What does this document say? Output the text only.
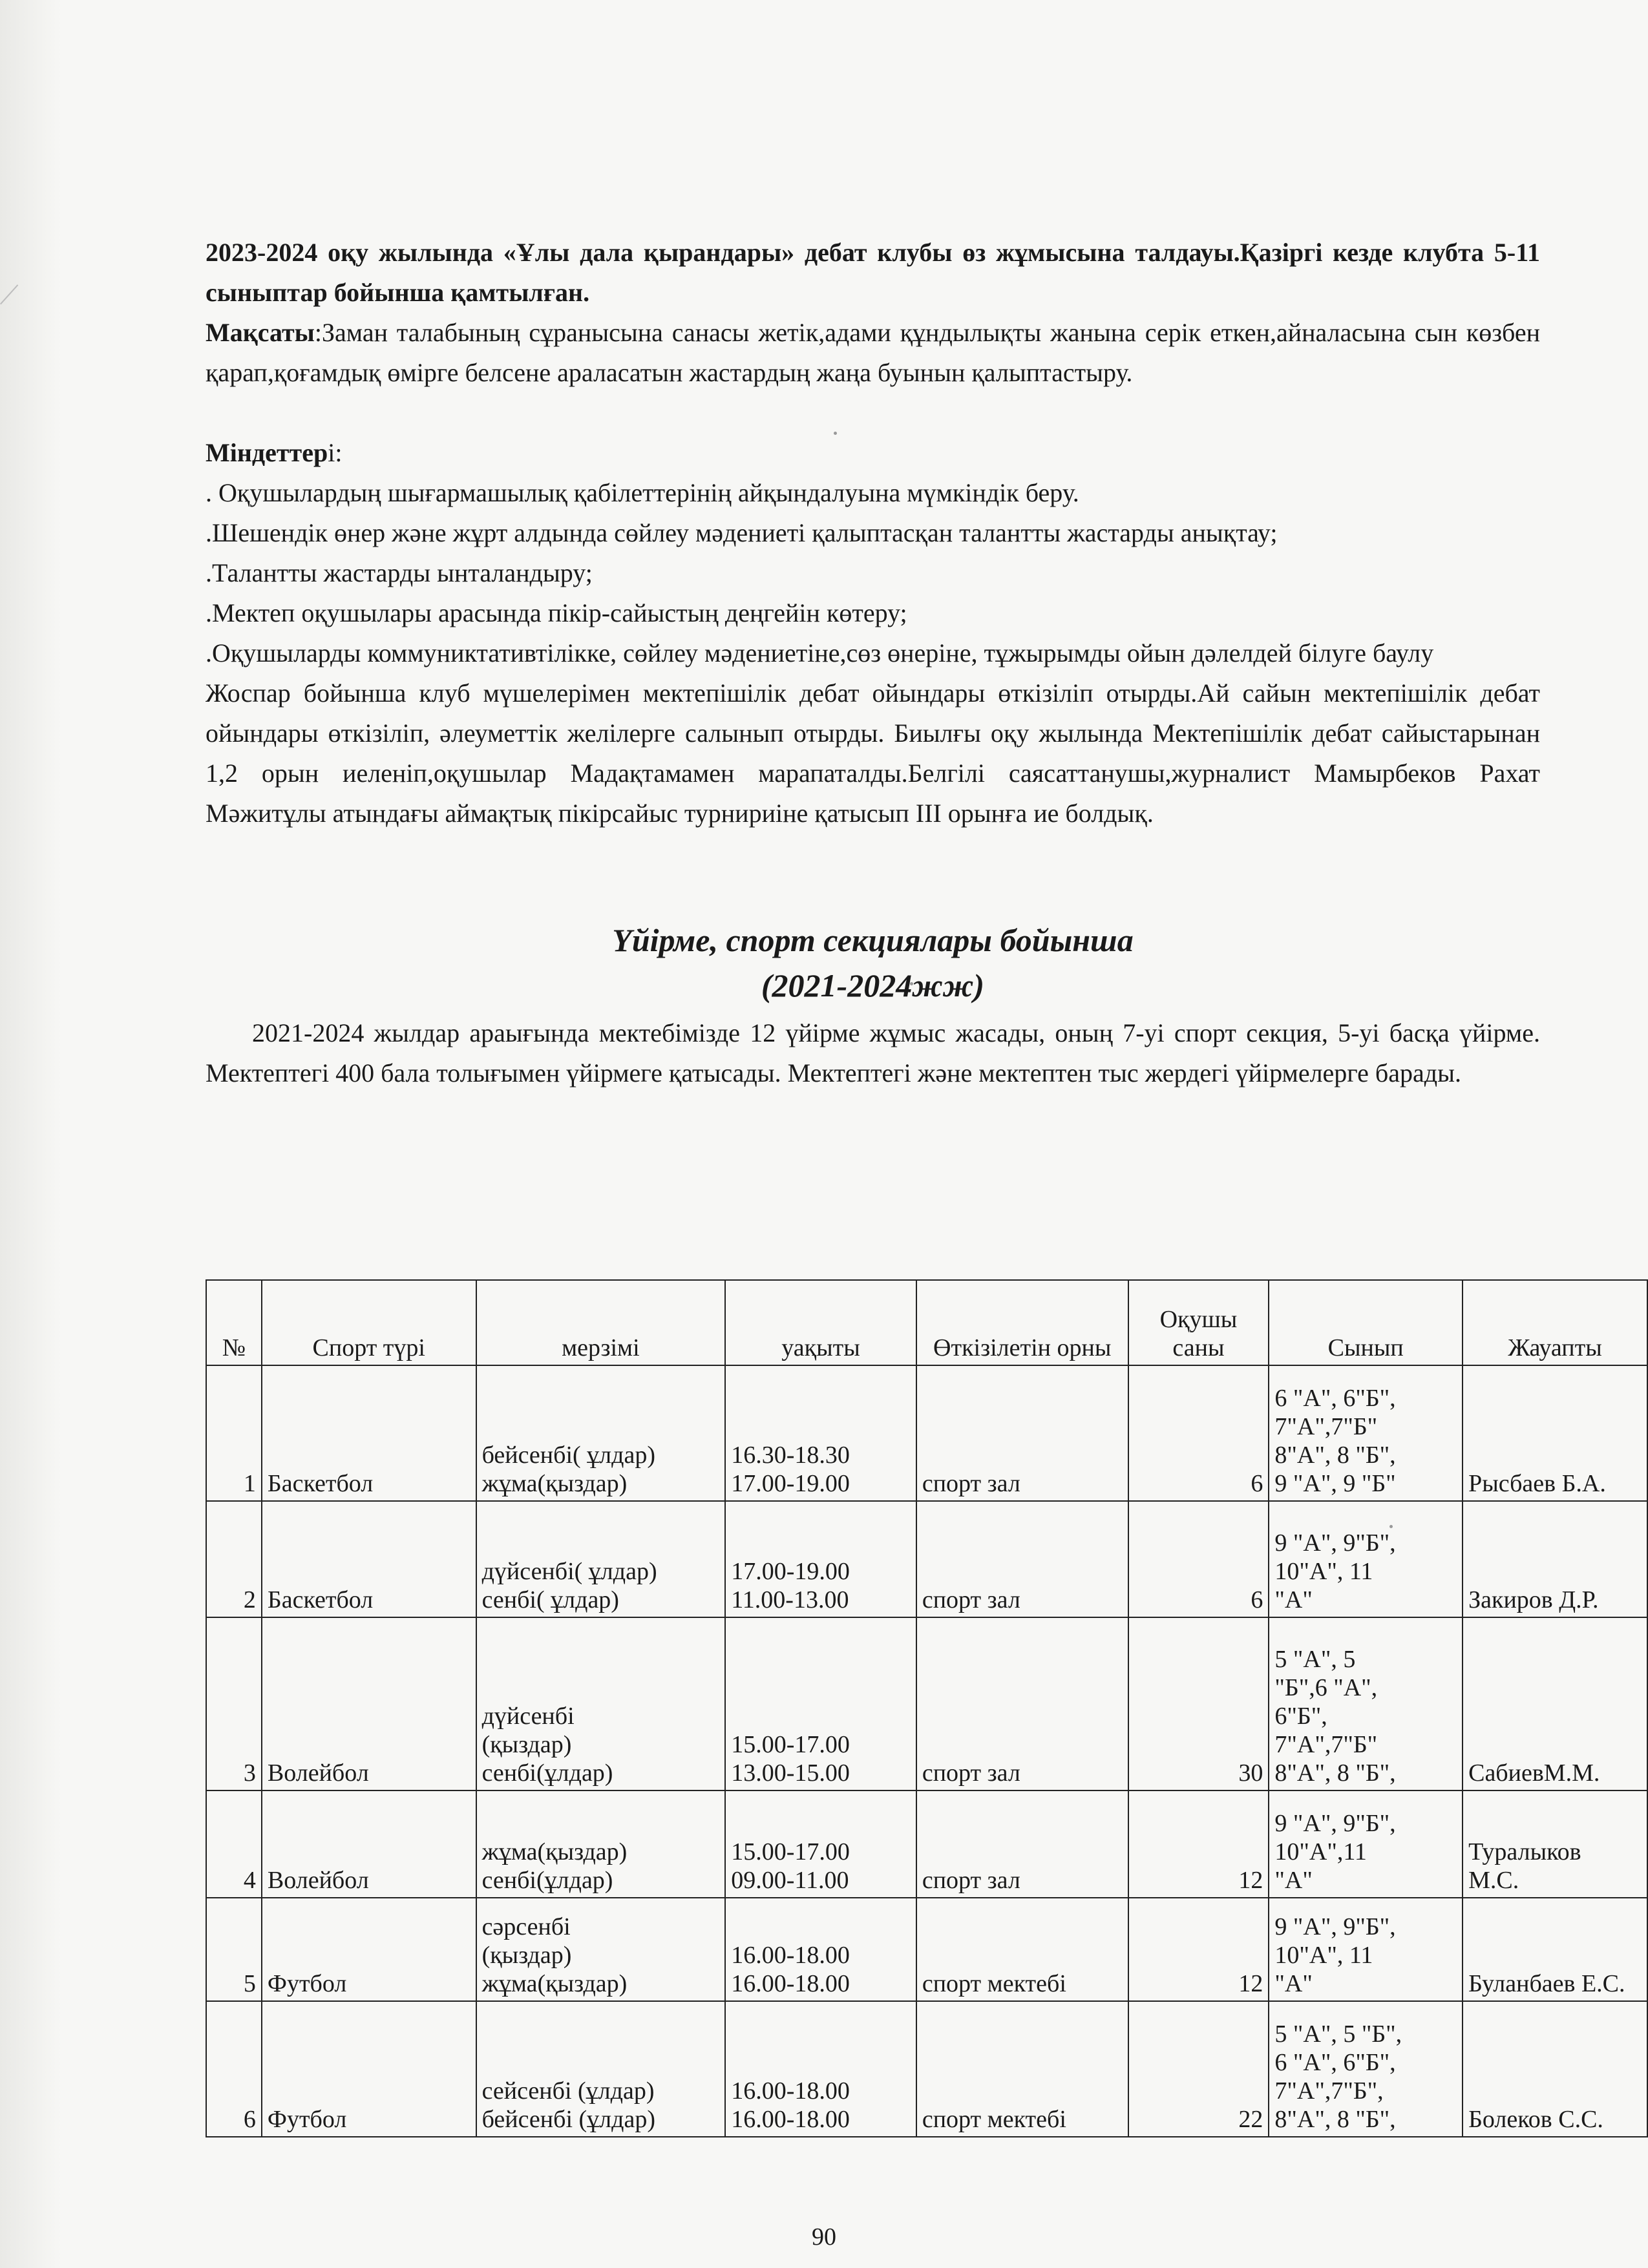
2023-2024 оқу жылында «Ұлы дала қырандары» дебат клубы өз жұмысына талдауы.Қазіргі кезде клубта 5-11 сыныптар бойынша қамтылған.

Мақсаты:Заман талабының сұранысына санасы жетік,адами құндылықты жанына серік еткен,айналасына сын көзбен қарап,қоғамдық өмірге белсене араласатын жастардың жаңа буынын қалыптастыру.

Міндеттері:

. Оқушылардың шығармашылық қабілеттерінің айқындалуына мүмкіндік беру.

.Шешендік өнер және жұрт алдында сөйлеу мәдениеті қалыптасқан талантты жастарды анықтау;

.Талантты жастарды ынталандыру;

.Мектеп оқушылары арасында пікір-сайыстың деңгейін көтеру;

.Оқушыларды коммуниктативтілікке, сөйлеу мәдениетіне,сөз өнеріне, тұжырымды ойын дәлелдей білуге баулу

Жоспар бойынша клуб мүшелерімен мектепішілік дебат ойындары өткізіліп отырды.Ай сайын мектепішілік дебат ойындары өткізіліп, әлеуметтік желілерге салынып отырды. Биылғы оқу жылында Мектепішілік дебат сайыстарынан 1,2 орын иеленіп,оқушылар Мадақтамамен марапаталды.Белгілі саясаттанушы,журналист Мамырбеков Рахат Мәжитұлы атындағы аймақтық пікірсайыс турнириіне қатысып ІІІ орынға ие болдық.

Үйірме, спорт секциялары бойынша

(2021-2024жж)

2021-2024 жылдар араығында мектебімізде 12 үйірме жұмыс жасады, оның 7-уі спорт секция, 5-уі басқа үйірме. Мектептегі 400 бала толығымен үйірмеге қатысады. Мектептегі және мектептен тыс жердегі үйірмелерге барады.

№	Спорт түрі	мерзімі	уақыты	Өткізілетін орны	Оқушы саны	Сынып	Жауапты
1	Баскетбол	бейсенбі( ұлдар)
жұма(қыздар)	16.30-18.30
17.00-19.00	спорт зал	6	6 "А", 6"Б",
7"А",7"Б"
8"А", 8 "Б",
9 "А", 9 "Б"	Рысбаев Б.А.
2	Баскетбол	дүйсенбі( ұлдар)
сенбі( ұлдар)	17.00-19.00
11.00-13.00	спорт зал	6	9 "А", 9"Б",
10"А", 11
"А"	Закиров Д.Р.
3	Волейбол	дүйсенбі
(қыздар)
сенбі(ұлдар)	15.00-17.00
13.00-15.00	спорт зал	30	5 "А", 5
"Б",6 "А",
6"Б",
7"А",7"Б"
8"А", 8 "Б",	СабиевМ.М.
4	Волейбол	жұма(қыздар)
сенбі(ұлдар)	15.00-17.00
09.00-11.00	спорт зал	12	9 "А", 9"Б",
10"А",11
"А"	Туралыков
М.С.
5	Футбол	сәрсенбі
(қыздар)
жұма(қыздар)	16.00-18.00
16.00-18.00	спорт мектебі	12	9 "А", 9"Б",
10"А", 11
"А"	Буланбаев Е.С.
6	Футбол	сейсенбі (ұлдар)
бейсенбі (ұлдар)	16.00-18.00
16.00-18.00	спорт мектебі	22	5 "А", 5 "Б",
6 "А", 6"Б",
7"А",7"Б",
8"А", 8 "Б",	Болеков С.С.
90
